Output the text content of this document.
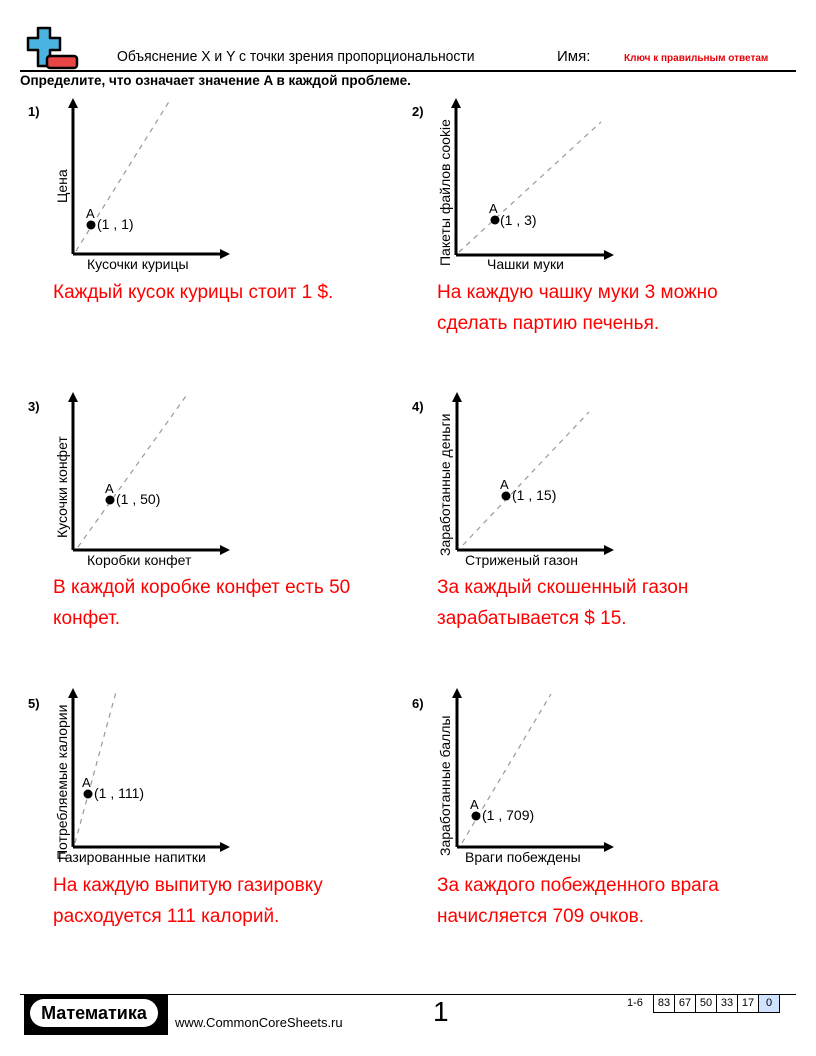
Объяснение X и Y с точки зрения пропорциональности	Имя:	Ключ к правильным ответам
Определите, что означает значение A в каждой проблеме.
1)
A
(1 , 1)
Цена
Кусочки курицы
Каждый кусок курицы стоит 1 $.
2)
A
(1 , 3)
Пакеты файлов cookie Чашки муки
На каждую чашку муки 3 можно сделать партию печенья.
3)
A
(1 , 50)
Кусочки конфет
Коробки конфет
В каждой коробке конфет есть 50 конфет.
4)
A
(1 , 15)
Заработанные деньги
Стриженый газон
За каждый скошенный газон зарабатывается $ 15.
5)
A
(1 , 111)
Потребляемые калории
Газированные напитки
На каждую выпитую газировку расходуется 111 калорий.
6)
A
(1 , 709)
Заработанные баллы
Враги побеждены
За каждого побежденного врага начисляется 709 очков.
Математика	www.CommonCoreSheets.ru	1	1-6	83 67 50 33 17	0
